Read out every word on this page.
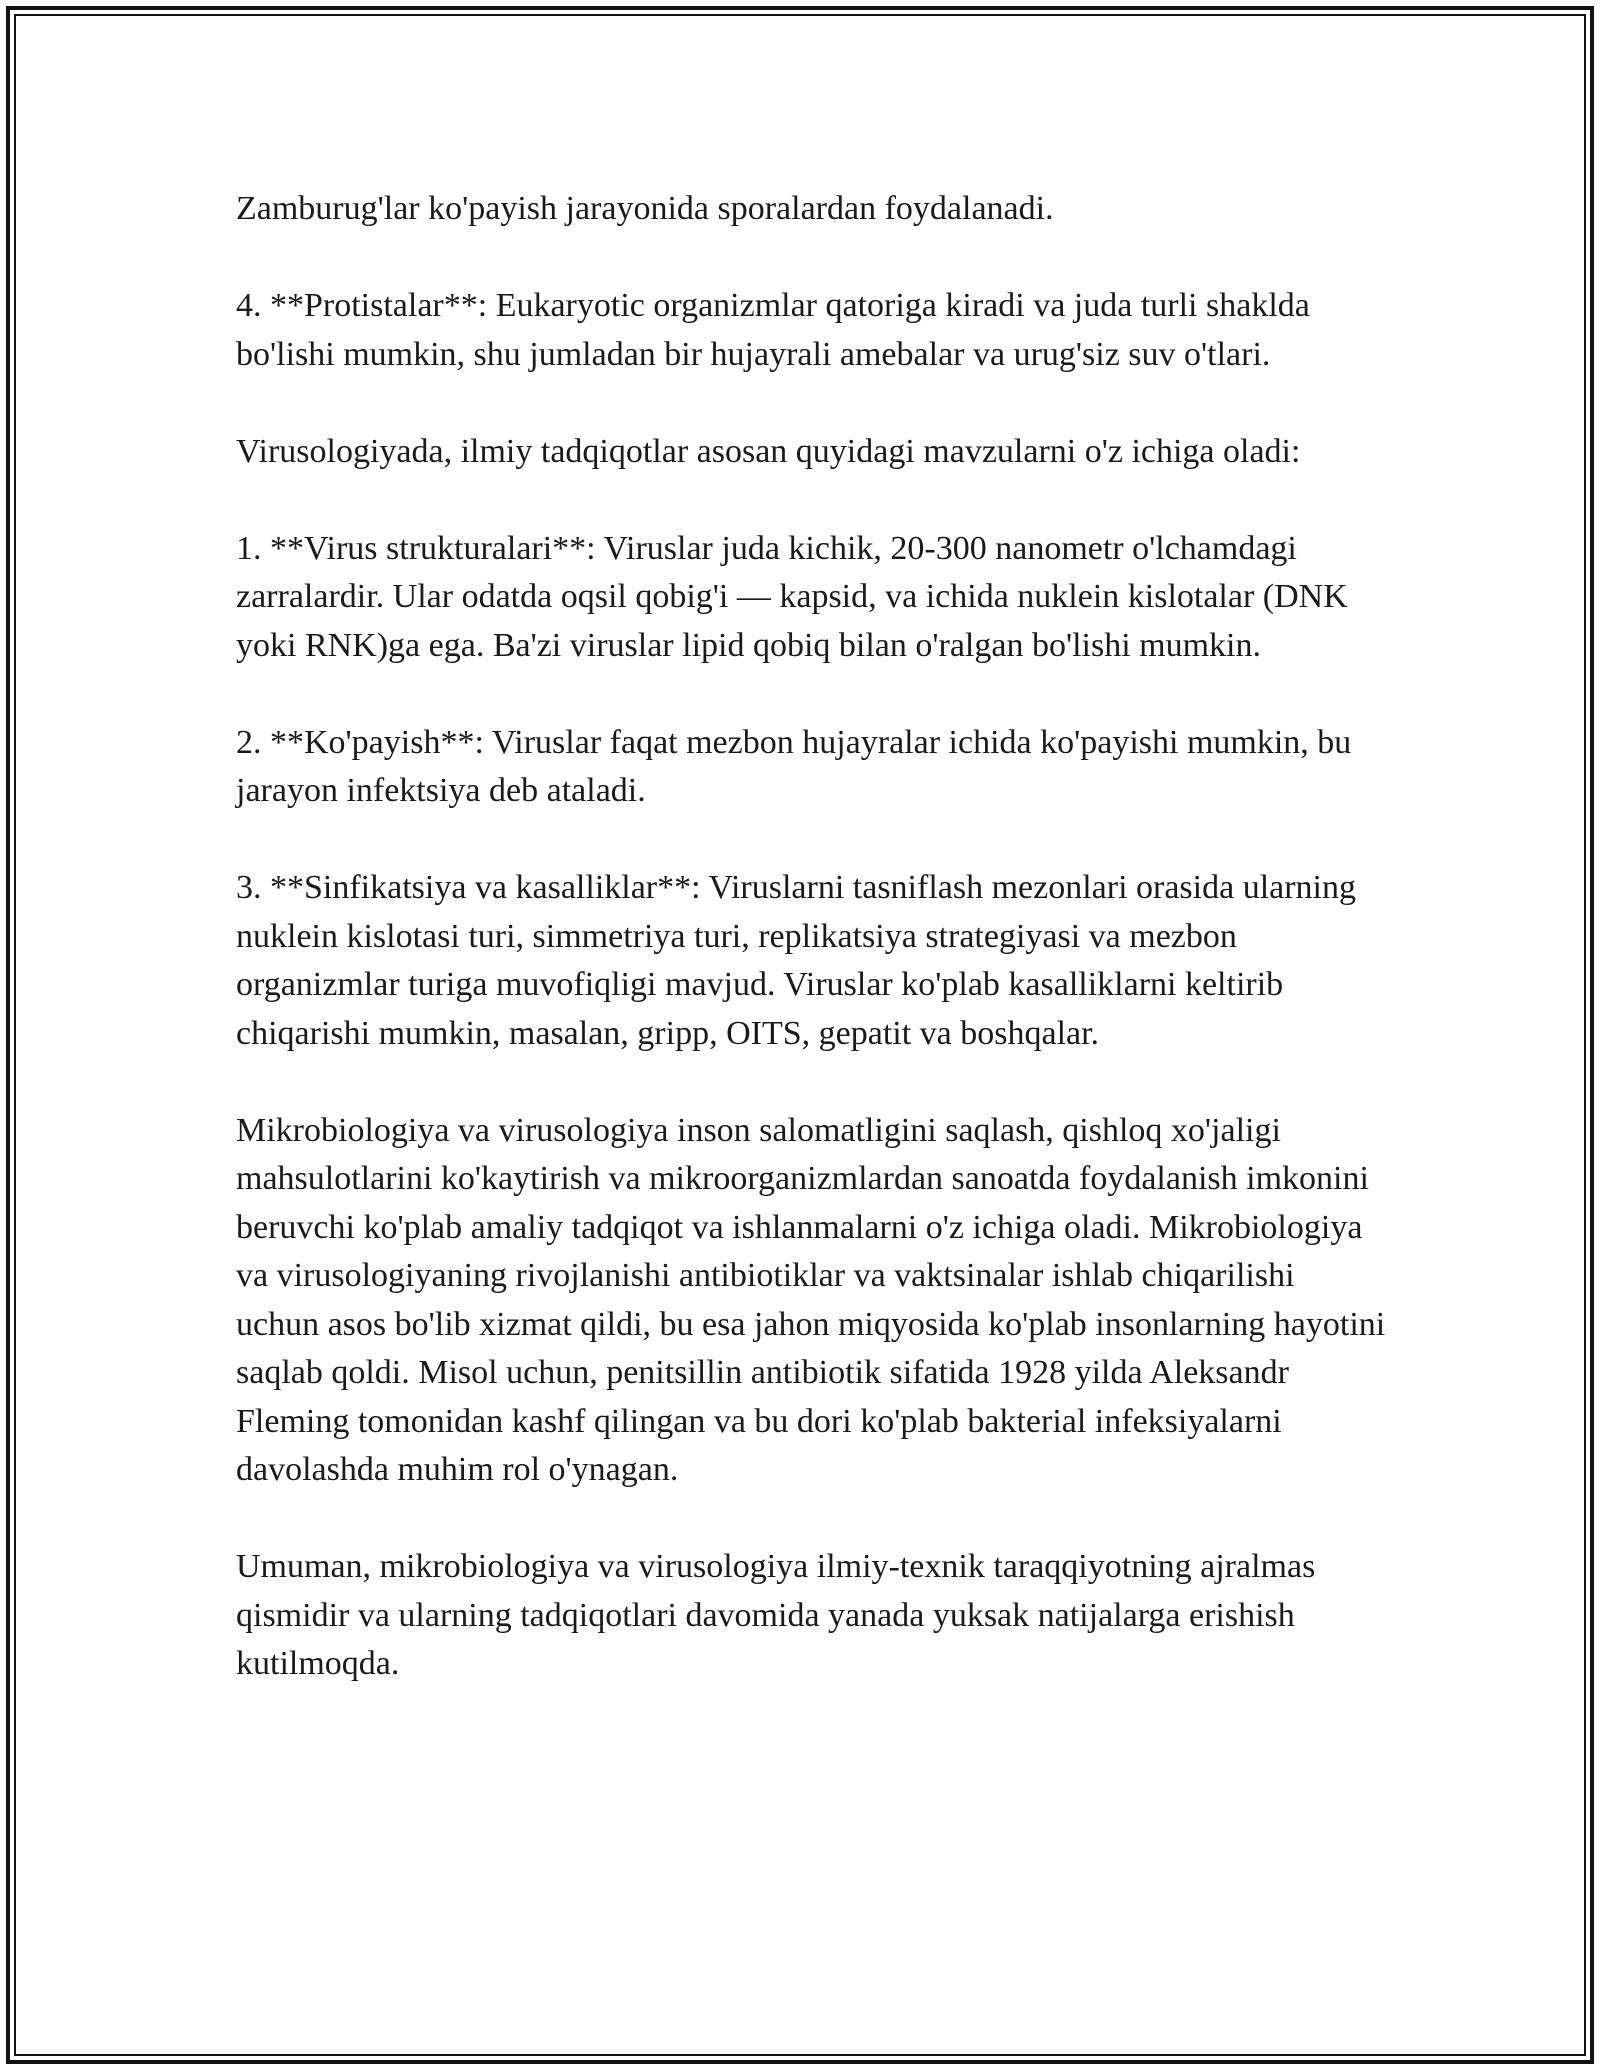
Zamburug'lar ko'payish jarayonida sporalardan foydalanadi.

4. **Protistalar**: Eukaryotic organizmlar qatoriga kiradi va juda turli shaklda bo'lishi mumkin, shu jumladan bir hujayrali amebalar va urug'siz suv o'tlari.

Virusologiyada, ilmiy tadqiqotlar asosan quyidagi mavzularni o'z ichiga oladi:

1. **Virus strukturalari**: Viruslar juda kichik, 20-300 nanometr o'lchamdagi zarralardir. Ular odatda oqsil qobig'i — kapsid, va ichida nuklein kislotalar (DNK yoki RNK)ga ega. Ba'zi viruslar lipid qobiq bilan o'ralgan bo'lishi mumkin.

2. **Ko'payish**: Viruslar faqat mezbon hujayralar ichida ko'payishi mumkin, bu jarayon infektsiya deb ataladi.

3. **Sinfikatsiya va kasalliklar**: Viruslarni tasniflash mezonlari orasida ularning nuklein kislotasi turi, simmetriya turi, replikatsiya strategiyasi va mezbon organizmlar turiga muvofiqligi mavjud. Viruslar ko'plab kasalliklarni keltirib chiqarishi mumkin, masalan, gripp, OITS, gepatit va boshqalar.

Mikrobiologiya va virusologiya inson salomatligini saqlash, qishloq xo'jaligi mahsulotlarini ko'kaytirish va mikroorganizmlardan sanoatda foydalanish imkonini beruvchi ko'plab amaliy tadqiqot va ishlanmalarni o'z ichiga oladi. Mikrobiologiya va virusologiyaning rivojlanishi antibiotiklar va vaktsinalar ishlab chiqarilishi uchun asos bo'lib xizmat qildi, bu esa jahon miqyosida ko'plab insonlarning hayotini saqlab qoldi. Misol uchun, penitsillin antibiotik sifatida 1928 yilda Aleksandr Fleming tomonidan kashf qilingan va bu dori ko'plab bakterial infeksiyalarni davolashda muhim rol o'ynagan.

Umuman, mikrobiologiya va virusologiya ilmiy-texnik taraqqiyotning ajralmas qismidir va ularning tadqiqotlari davomida yanada yuksak natijalarga erishish kutilmoqda.
